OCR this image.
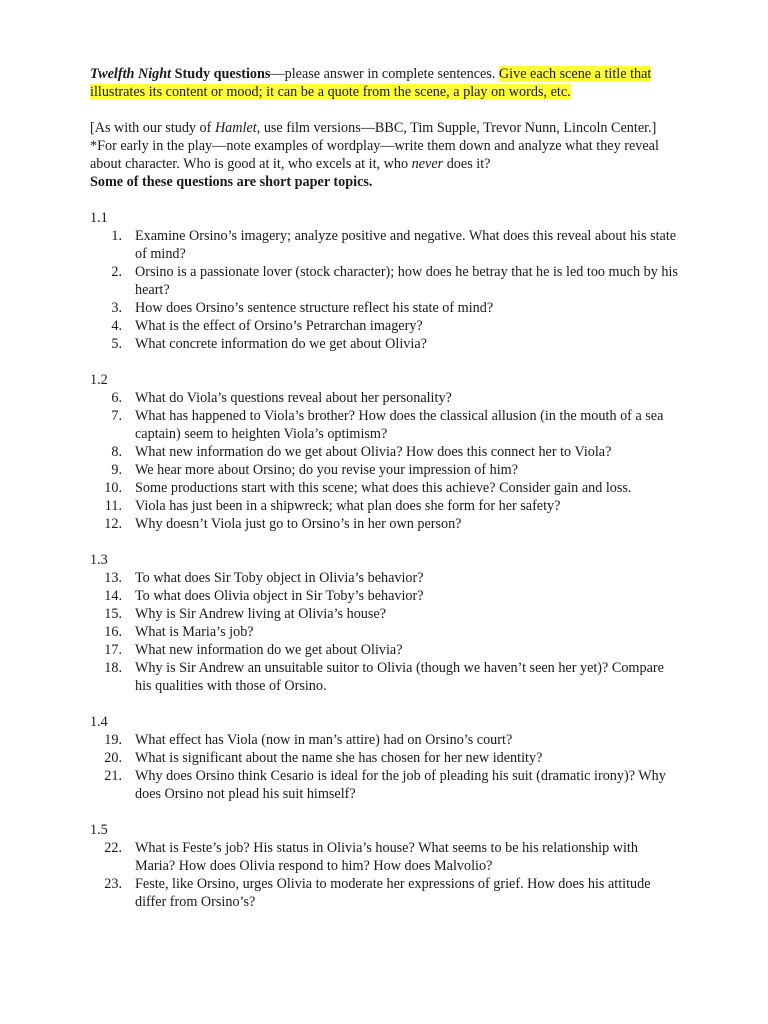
Twelfth Night Study questions—please answer in complete sentences. Give each scene a title that illustrates its content or mood; it can be a quote from the scene, a play on words, etc.

[As with our study of Hamlet, use film versions—BBC, Tim Supple, Trevor Nunn, Lincoln Center.]

*For early in the play—note examples of wordplay—write them down and analyze what they reveal about character. Who is good at it, who excels at it, who never does it?

Some of these questions are short paper topics.

1.1

1. Examine Orsino’s imagery; analyze positive and negative. What does this reveal about his state of mind?
2. Orsino is a passionate lover (stock character); how does he betray that he is led too much by his heart?
3. How does Orsino’s sentence structure reflect his state of mind?
4. What is the effect of Orsino’s Petrarchan imagery?
5. What concrete information do we get about Olivia?

1.2

6. What do Viola’s questions reveal about her personality?
7. What has happened to Viola’s brother? How does the classical allusion (in the mouth of a sea captain) seem to heighten Viola’s optimism?
8. What new information do we get about Olivia? How does this connect her to Viola?
9. We hear more about Orsino; do you revise your impression of him?
10. Some productions start with this scene; what does this achieve? Consider gain and loss.
11. Viola has just been in a shipwreck; what plan does she form for her safety?
12. Why doesn’t Viola just go to Orsino’s in her own person?

1.3

13. To what does Sir Toby object in Olivia’s behavior?
14. To what does Olivia object in Sir Toby’s behavior?
15. Why is Sir Andrew living at Olivia’s house?
16. What is Maria’s job?
17. What new information do we get about Olivia?
18. Why is Sir Andrew an unsuitable suitor to Olivia (though we haven’t seen her yet)? Compare his qualities with those of Orsino.

1.4

19. What effect has Viola (now in man’s attire) had on Orsino’s court?
20. What is significant about the name she has chosen for her new identity?
21. Why does Orsino think Cesario is ideal for the job of pleading his suit (dramatic irony)? Why does Orsino not plead his suit himself?

1.5

22. What is Feste’s job? His status in Olivia’s house? What seems to be his relationship with Maria? How does Olivia respond to him? How does Malvolio?
23. Feste, like Orsino, urges Olivia to moderate her expressions of grief. How does his attitude differ from Orsino’s?
